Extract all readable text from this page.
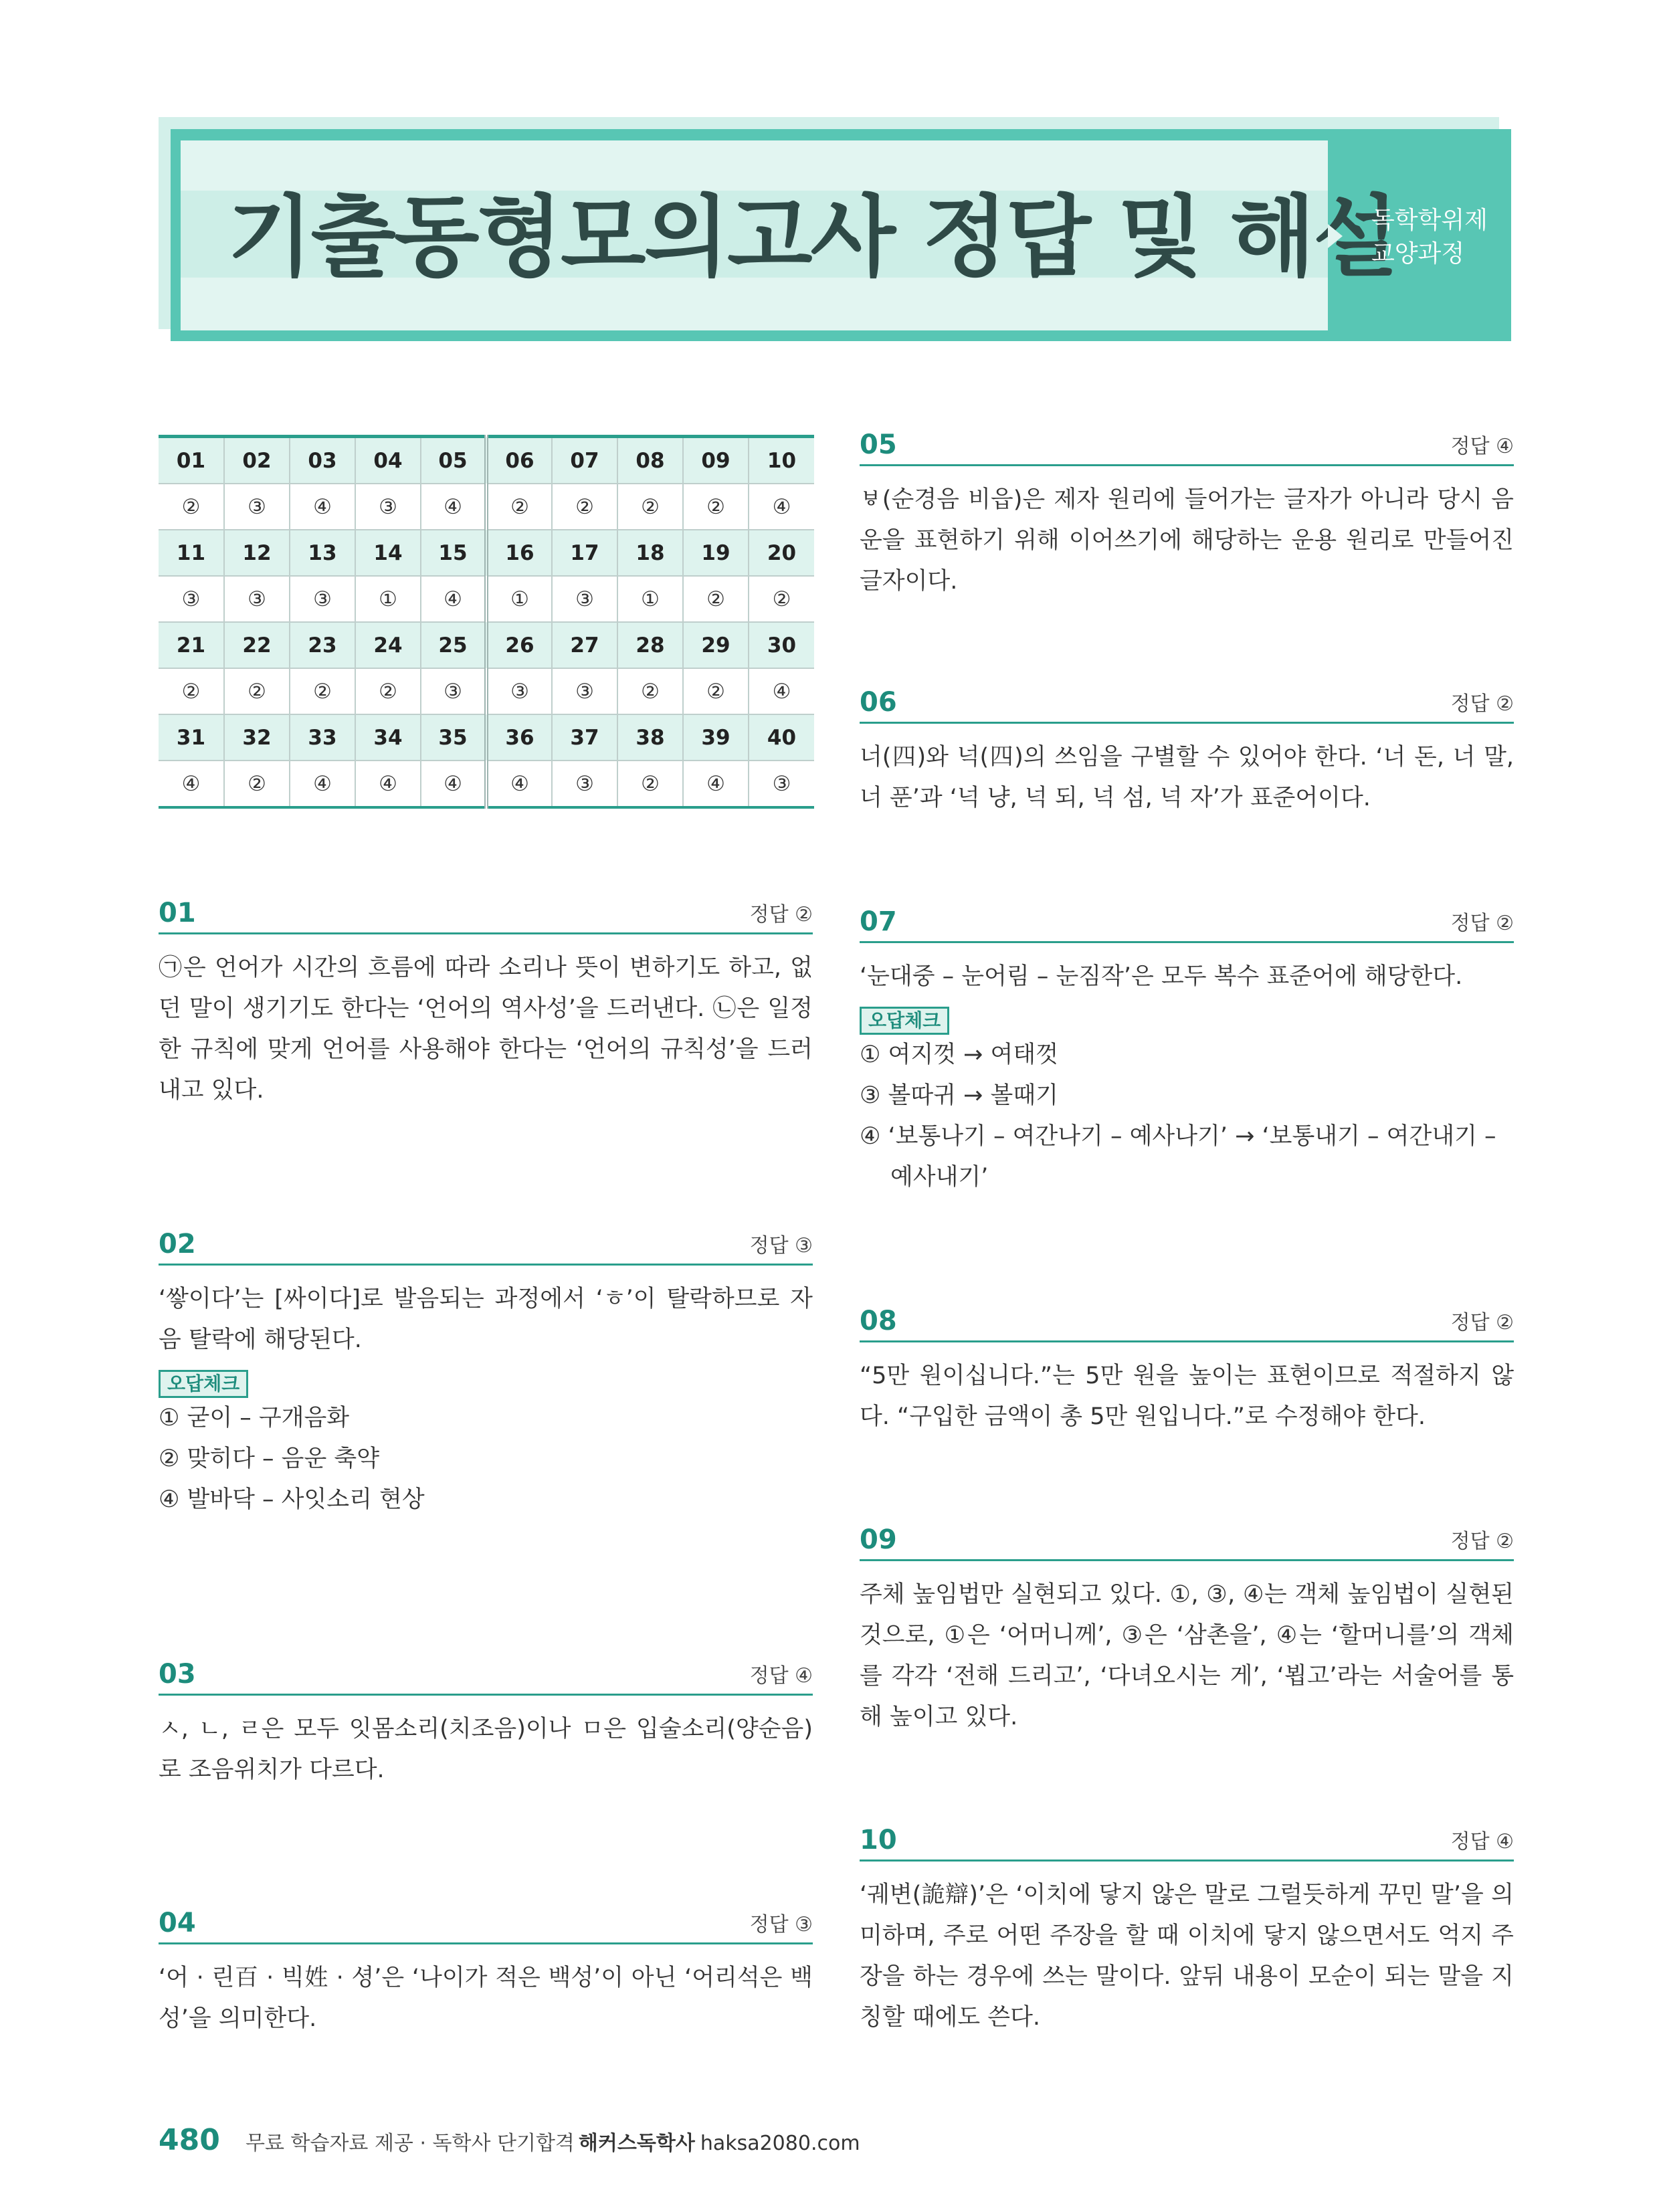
기출동형모의고사 정답 및 해설
독학학위제
교양과정
01	02	03	04	05	06	07	08	09	10
②	③	④	③	④	②	②	②	②	④
11	12	13	14	15	16	17	18	19	20
③	③	③	①	④	①	③	①	②	②
21	22	23	24	25	26	27	28	29	30
②	②	②	②	③	③	③	②	②	④
31	32	33	34	35	36	37	38	39	40
④	②	④	④	④	④	③	②	④	③
01	정답 ②
㉠은 언어가 시간의 흐름에 따라 소리나 뜻이 변하기도 하고, 없던 말이 생기기도 한다는 ‘언어의 역사성’을 드러낸다. ㉡은 일정한 규칙에 맞게 언어를 사용해야 한다는 ‘언어의 규칙성’을 드러내고 있다.
02	정답 ③
‘쌓이다’는 [싸이다]로 발음되는 과정에서 ‘ㅎ’이 탈락하므로 자음 탈락에 해당된다.
오답체크
① 굳이 – 구개음화
② 맞히다 – 음운 축약
④ 발바닥 – 사잇소리 현상
03	정답 ④
ㅅ, ㄴ, ㄹ은 모두 잇몸소리(치조음)이나 ㅁ은 입술소리(양순음)로 조음위치가 다르다.
04	정답 ③
‘어 · 린百 · 빅姓 · 셩’은 ‘나이가 적은 백성’이 아닌 ‘어리석은 백성’을 의미한다.
05	정답 ④
ㅸ(순경음 비읍)은 제자 원리에 들어가는 글자가 아니라 당시 음운을 표현하기 위해 이어쓰기에 해당하는 운용 원리로 만들어진 글자이다.
06	정답 ②
너(四)와 넉(四)의 쓰임을 구별할 수 있어야 한다. ‘너 돈, 너 말, 너 푼’과 ‘넉 냥, 넉 되, 넉 섬, 넉 자’가 표준어이다.
07	정답 ②
‘눈대중 – 눈어림 – 눈짐작’은 모두 복수 표준어에 해당한다.
오답체크
① 여지껏 → 여태껏
③ 볼따귀 → 볼때기
④ ‘보통나기 – 여간나기 – 예사나기’ → ‘보통내기 – 여간내기 – 예사내기’
08	정답 ②
“5만 원이십니다.”는 5만 원을 높이는 표현이므로 적절하지 않다. “구입한 금액이 총 5만 원입니다.”로 수정해야 한다.
09	정답 ②
주체 높임법만 실현되고 있다. ①, ③, ④는 객체 높임법이 실현된 것으로, ①은 ‘어머니께’, ③은 ‘삼촌을’, ④는 ‘할머니를’의 객체를 각각 ‘전해 드리고’, ‘다녀오시는 게’, ‘뵙고’라는 서술어를 통해 높이고 있다.
10	정답 ④
‘궤변(詭辯)’은 ‘이치에 닿지 않은 말로 그럴듯하게 꾸민 말’을 의미하며, 주로 어떤 주장을 할 때 이치에 닿지 않으면서도 억지 주장을 하는 경우에 쓰는 말이다. 앞뒤 내용이 모순이 되는 말을 지칭할 때에도 쓴다.
480 무료 학습자료 제공 · 독학사 단기합격 해커스독학사 haksa2080.com
